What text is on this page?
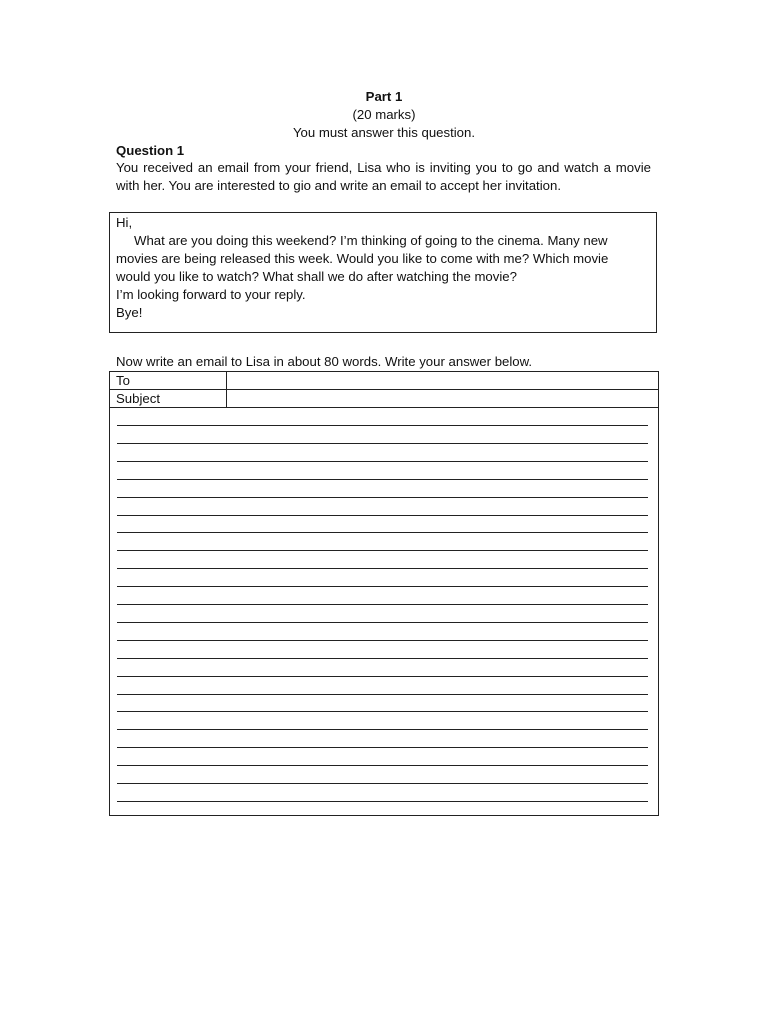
Part 1
(20 marks)
You must answer this question.
Question 1
You received an email from your friend, Lisa who is inviting you to go and watch a movie with her. You are interested to gio and write an email to accept her invitation.
Hi,
What are you doing this weekend? I’m thinking of going to the cinema. Many new
movies are being released this week. Would you like to come with me? Which movie
would you like to watch? What shall we do after watching the movie?
I’m looking forward to your reply.
Bye!
Now write an email to Lisa in about 80 words. Write your answer below.
To	
Subject	
